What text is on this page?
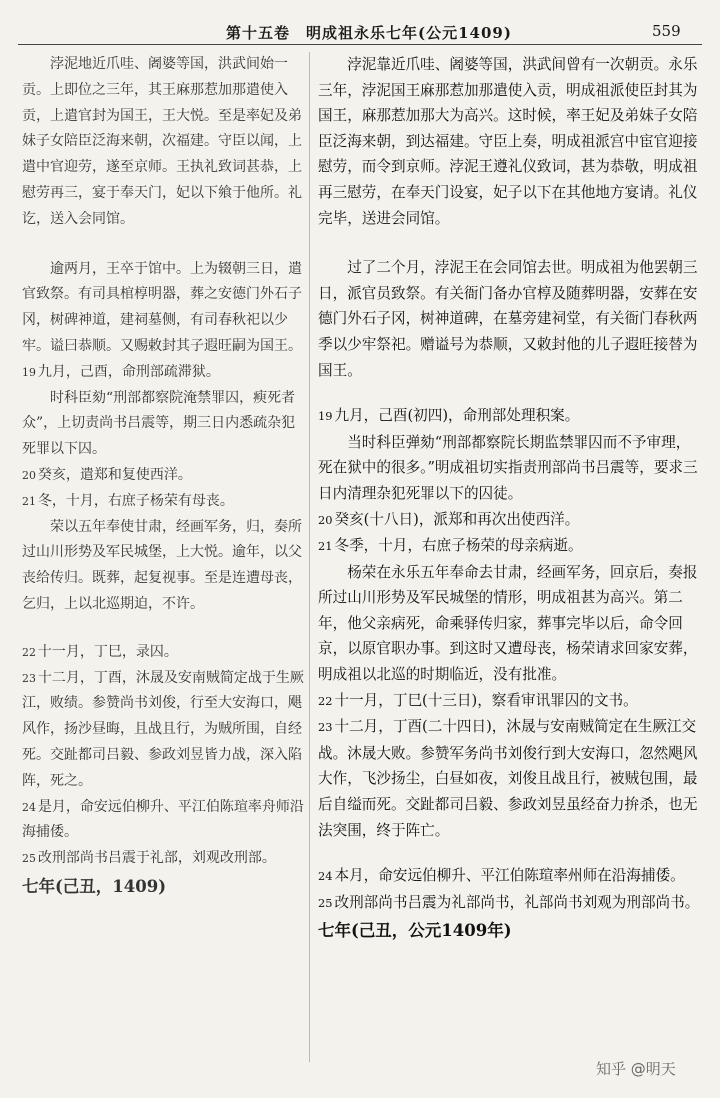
第十五卷　明成祖永乐七年(公元1409)	559

浡泥地近爪哇、阇婆等国，洪武间始一贡。上即位之三年，其王麻那惹加那遣使入贡，上遣官封为国王，王大悦。至是率妃及弟妹子女陪臣泛海来朝，次福建。守臣以闻，上遣中官迎劳，遂至京师。王执礼致词甚恭，上慰劳再三，宴于奉天门，妃以下飨于他所。礼讫，送入会同馆。

逾两月，王卒于馆中。上为辍朝三日，遣官致祭。有司具棺椁明器，葬之安德门外石子冈，树碑神道，建祠墓侧，有司春秋祀以少牢。谥曰恭顺。又赐敕封其子遐旺嗣为国王。

19 九月，己酉，命刑部疏滞狱。

时科臣劾“刑部都察院淹禁罪囚，瘐死者众”，上切责尚书吕震等，期三日内悉疏杂犯死罪以下囚。

20 癸亥，遣郑和复使西洋。

21 冬，十月，右庶子杨荣有母丧。

荣以五年奉使甘肃，经画军务，归，奏所过山川形势及军民城堡，上大悦。逾年，以父丧给传归。既葬，起复视事。至是连遭母丧，乞归，上以北巡期迫，不许。

22 十一月，丁巳，录囚。

23 十二月，丁酉，沐晟及安南贼简定战于生厥江，败绩。参赞尚书刘俊，行至大安海口，飓风作，扬沙昼晦，且战且行，为贼所围，自经死。交趾都司吕毅、参政刘昱皆力战，深入陷阵，死之。

24 是月，命安远伯柳升、平江伯陈瑄率舟师沿海捕倭。

25 改刑部尚书吕震于礼部，刘观改刑部。

七年(己丑，1409)

浡泥靠近爪哇、阇婆等国，洪武间曾有一次朝贡。永乐三年，浡泥国王麻那惹加那遣使入贡，明成祖派使臣封其为国王，麻那惹加那大为高兴。这时候，率王妃及弟妹子女陪臣泛海来朝，到达福建。守臣上奏，明成祖派宫中宦官迎接慰劳，而令到京师。浡泥王遵礼仪致词，甚为恭敬，明成祖再三慰劳，在奉天门设宴，妃子以下在其他地方宴请。礼仪完毕，送进会同馆。

过了二个月，浡泥王在会同馆去世。明成祖为他罢朝三日，派官员致祭。有关衙门备办官椁及随葬明器，安葬在安德门外石子冈，树神道碑，在墓旁建祠堂，有关衙门春秋两季以少牢祭祀。赠谥号为恭顺，又敕封他的儿子遐旺接替为国王。

19 九月，己酉(初四)，命刑部处理积案。

当时科臣弹劾“刑部都察院长期监禁罪囚而不予审理，死在狱中的很多。”明成祖切实指责刑部尚书吕震等，要求三日内清理杂犯死罪以下的囚徒。

20 癸亥(十八日)，派郑和再次出使西洋。

21 冬季，十月，右庶子杨荣的母亲病逝。

杨荣在永乐五年奉命去甘肃，经画军务，回京后，奏报所过山川形势及军民城堡的情形，明成祖甚为高兴。第二年，他父亲病死，命乘驿传归家，葬事完毕以后，命令回京，以原官职办事。到这时又遭母丧，杨荣请求回家安葬，明成祖以北巡的时期临近，没有批准。

22 十一月，丁巳(十三日)，察看审讯罪囚的文书。

23 十二月，丁酉(二十四日)，沐晟与安南贼简定在生厥江交战。沐晟大败。参赞军务尚书刘俊行到大安海口，忽然飓风大作，飞沙扬尘，白昼如夜，刘俊且战且行，被贼包围，最后自缢而死。交趾都司吕毅、参政刘昱虽经奋力拚杀，也无法突围，终于阵亡。

24 本月，命安远伯柳升、平江伯陈瑄率州师在沿海捕倭。

25 改刑部尚书吕震为礼部尚书，礼部尚书刘观为刑部尚书。

七年(己丑，公元1409年)

知乎 @明天
